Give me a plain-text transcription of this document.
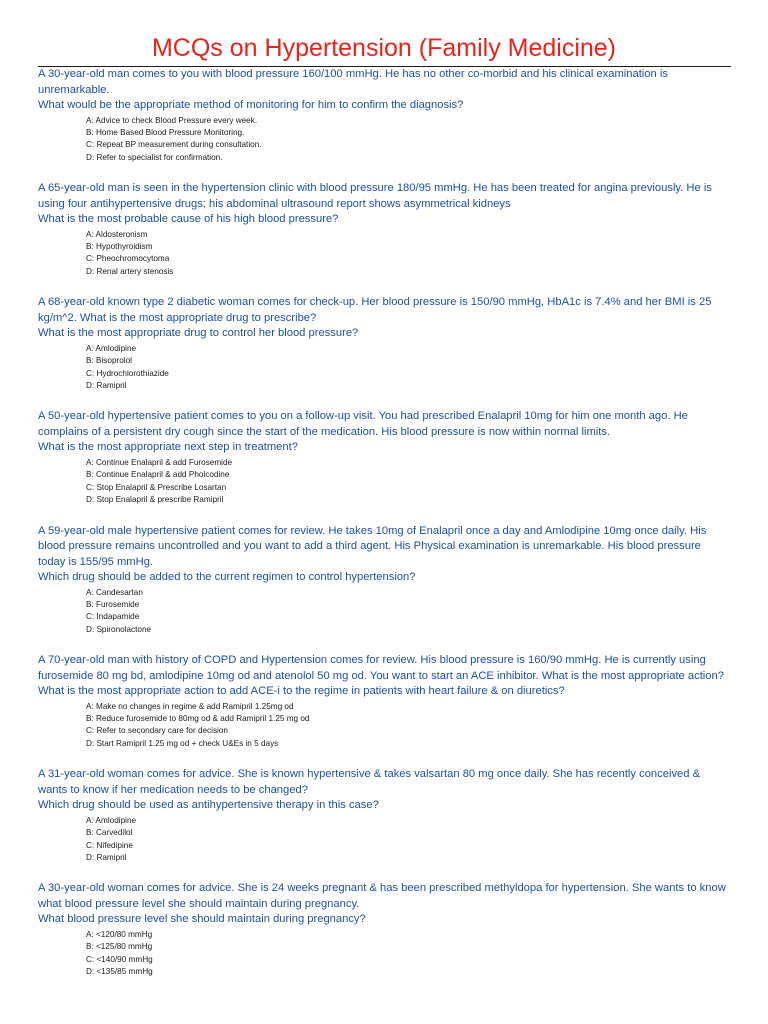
MCQs on Hypertension (Family Medicine)

A 30-year-old man comes to you with blood pressure 160/100 mmHg. He has no other co-morbid and his clinical examination is unremarkable.

What would be the appropriate method of monitoring for him to confirm the diagnosis?

A: Advice to check Blood Pressure every week.
B: Home Based Blood Pressure Monitoring.
C: Repeat BP measurement during consultation.
D: Refer to specialist for confirmation.

A 65-year-old man is seen in the hypertension clinic with blood pressure 180/95 mmHg. He has been treated for angina previously. He is using four antihypertensive drugs; his abdominal ultrasound report shows asymmetrical kidneys

What is the most probable cause of his high blood pressure?

A: Aldosteronism
B: Hypothyroidism
C: Pheochromocytoma
D: Renal artery stenosis

A 68-year-old known type 2 diabetic woman comes for check-up. Her blood pressure is 150/90 mmHg, HbA1c is 7.4% and her BMI is 25 kg/m^2. What is the most appropriate drug to prescribe?

What is the most appropriate drug to control her blood pressure?

A: Amlodipine
B: Bisoprolol
C: Hydrochlorothiazide
D: Ramipril

A 50-year-old hypertensive patient comes to you on a follow-up visit. You had prescribed Enalapril 10mg for him one month ago. He complains of a persistent dry cough since the start of the medication. His blood pressure is now within normal limits.

What is the most appropriate next step in treatment?

A: Continue Enalapril & add Furosemide
B: Continue Enalapril & add Pholcodine
C: Stop Enalapril & Prescribe Losartan
D: Stop Enalapril & prescribe Ramipril

A 59-year-old male hypertensive patient comes for review. He takes 10mg of Enalapril once a day and Amlodipine 10mg once daily. His blood pressure remains uncontrolled and you want to add a third agent. His Physical examination is unremarkable. His blood pressure today is 155/95 mmHg.

Which drug should be added to the current regimen to control hypertension?

A: Candesartan
B: Furosemide
C: Indapamide
D: Spironolactone

A 70-year-old man with history of COPD and Hypertension comes for review. His blood pressure is 160/90 mmHg. He is currently using furosemide 80 mg bd, amlodipine 10mg od and atenolol 50 mg od. You want to start an ACE inhibitor. What is the most appropriate action?

What is the most appropriate action to add ACE-i to the regime in patients with heart failure & on diuretics?

A: Make no changes in regime & add Ramipril 1.25mg od
B: Reduce furosemide to 80mg od & add Ramipril 1.25 mg od
C: Refer to secondary care for decision
D: Start Ramipril 1.25 mg od + check U&Es in 5 days

A 31-year-old woman comes for advice. She is known hypertensive & takes valsartan 80 mg once daily. She has recently conceived & wants to know if her medication needs to be changed?

Which drug should be used as antihypertensive therapy in this case?

A: Amlodipine
B: Carvedilol
C: Nifedipine
D: Ramipril

A 30-year-old woman comes for advice. She is 24 weeks pregnant & has been prescribed methyldopa for hypertension. She wants to know what blood pressure level she should maintain during pregnancy.

What blood pressure level she should maintain during pregnancy?

A: <120/80 mmHg
B: <125/80 mmHg
C: <140/90 mmHg
D: <135/85 mmHg
